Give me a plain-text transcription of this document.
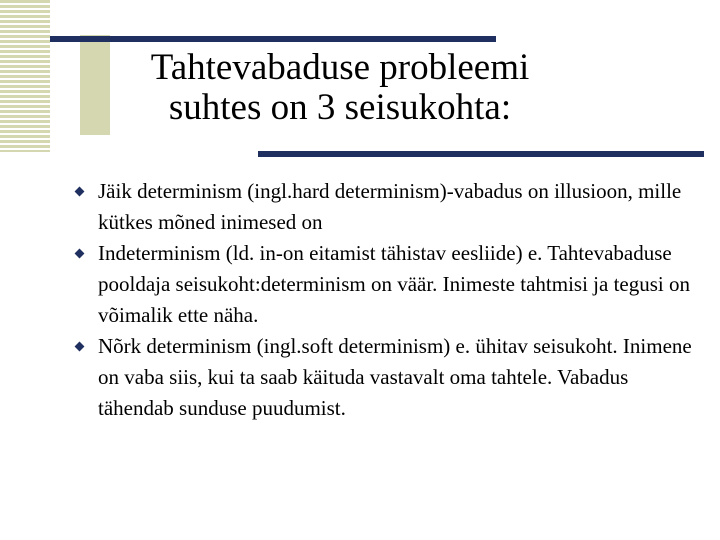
Tahtevabaduse probleemi
suhtes on 3 seisukohta:
Jäik determinism (ingl.hard determinism)-vabadus on illusioon, mille kütkes mõned inimesed on
Indeterminism (ld. in-on eitamist tähistav eesliide) e. Tahtevabaduse pooldaja seisukoht:determinism on väär. Inimeste tahtmisi ja tegusi on võimalik ette näha.
Nõrk determinism (ingl.soft determinism) e. ühitav seisukoht. Inimene on vaba siis, kui ta saab käituda vastavalt oma tahtele. Vabadus tähendab sunduse puudumist.
